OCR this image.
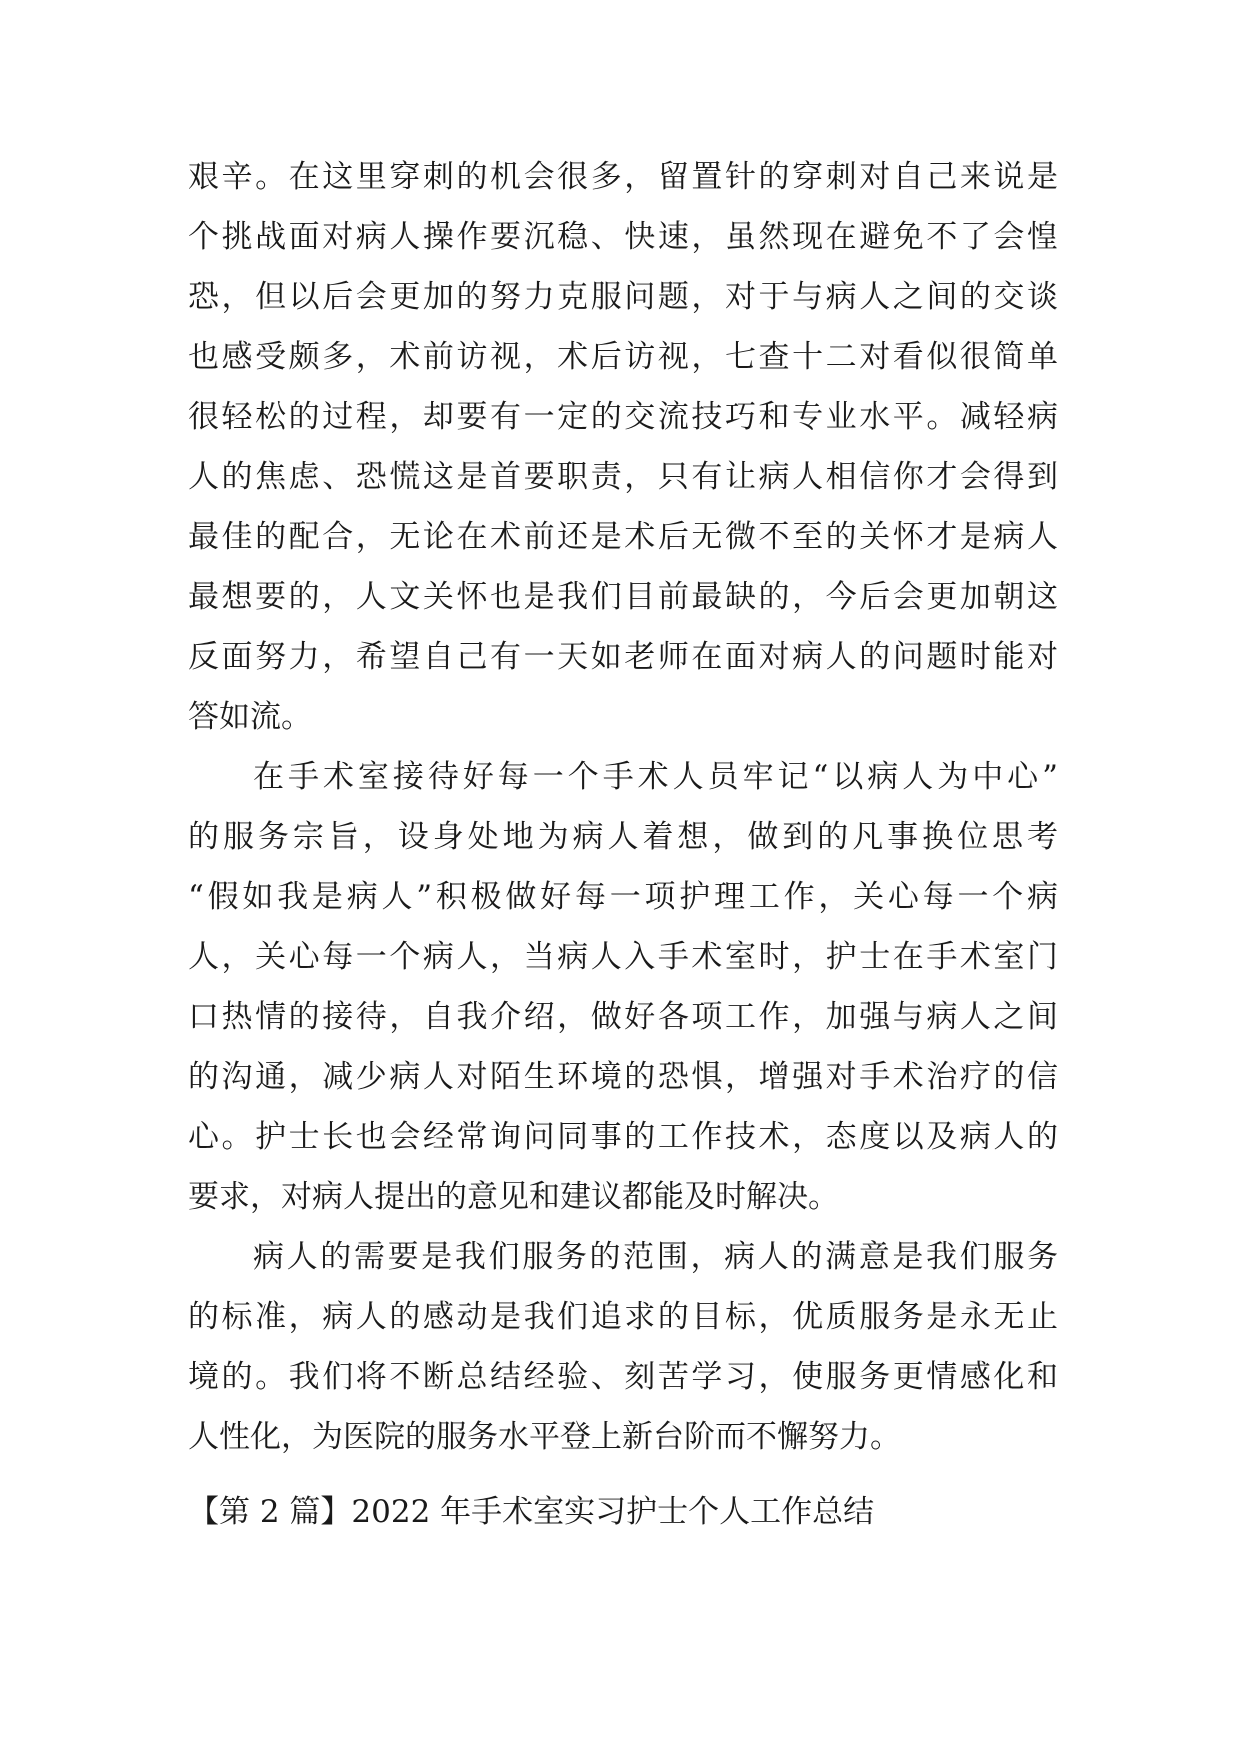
艰辛。在这里穿刺的机会很多，留置针的穿刺对自己来说是
个挑战面对病人操作要沉稳、快速，虽然现在避免不了会惶
恐，但以后会更加的努力克服问题，对于与病人之间的交谈
也感受颇多，术前访视，术后访视，七查十二对看似很简单
很轻松的过程，却要有一定的交流技巧和专业水平。减轻病
人的焦虑、恐慌这是首要职责，只有让病人相信你才会得到
最佳的配合，无论在术前还是术后无微不至的关怀才是病人
最想要的，人文关怀也是我们目前最缺的，今后会更加朝这
反面努力，希望自己有一天如老师在面对病人的问题时能对
答如流。
在手术室接待好每一个手术人员牢记“以病人为中心”
的服务宗旨，设身处地为病人着想，做到的凡事换位思考
“假如我是病人”积极做好每一项护理工作，关心每一个病
人，关心每一个病人，当病人入手术室时，护士在手术室门
口热情的接待，自我介绍，做好各项工作，加强与病人之间
的沟通，减少病人对陌生环境的恐惧，增强对手术治疗的信
心。护士长也会经常询问同事的工作技术，态度以及病人的
要求，对病人提出的意见和建议都能及时解决。
病人的需要是我们服务的范围，病人的满意是我们服务
的标准，病人的感动是我们追求的目标，优质服务是永无止
境的。我们将不断总结经验、刻苦学习，使服务更情感化和
人性化，为医院的服务水平登上新台阶而不懈努力。
【第 2 篇】2022 年手术室实习护士个人工作总结
